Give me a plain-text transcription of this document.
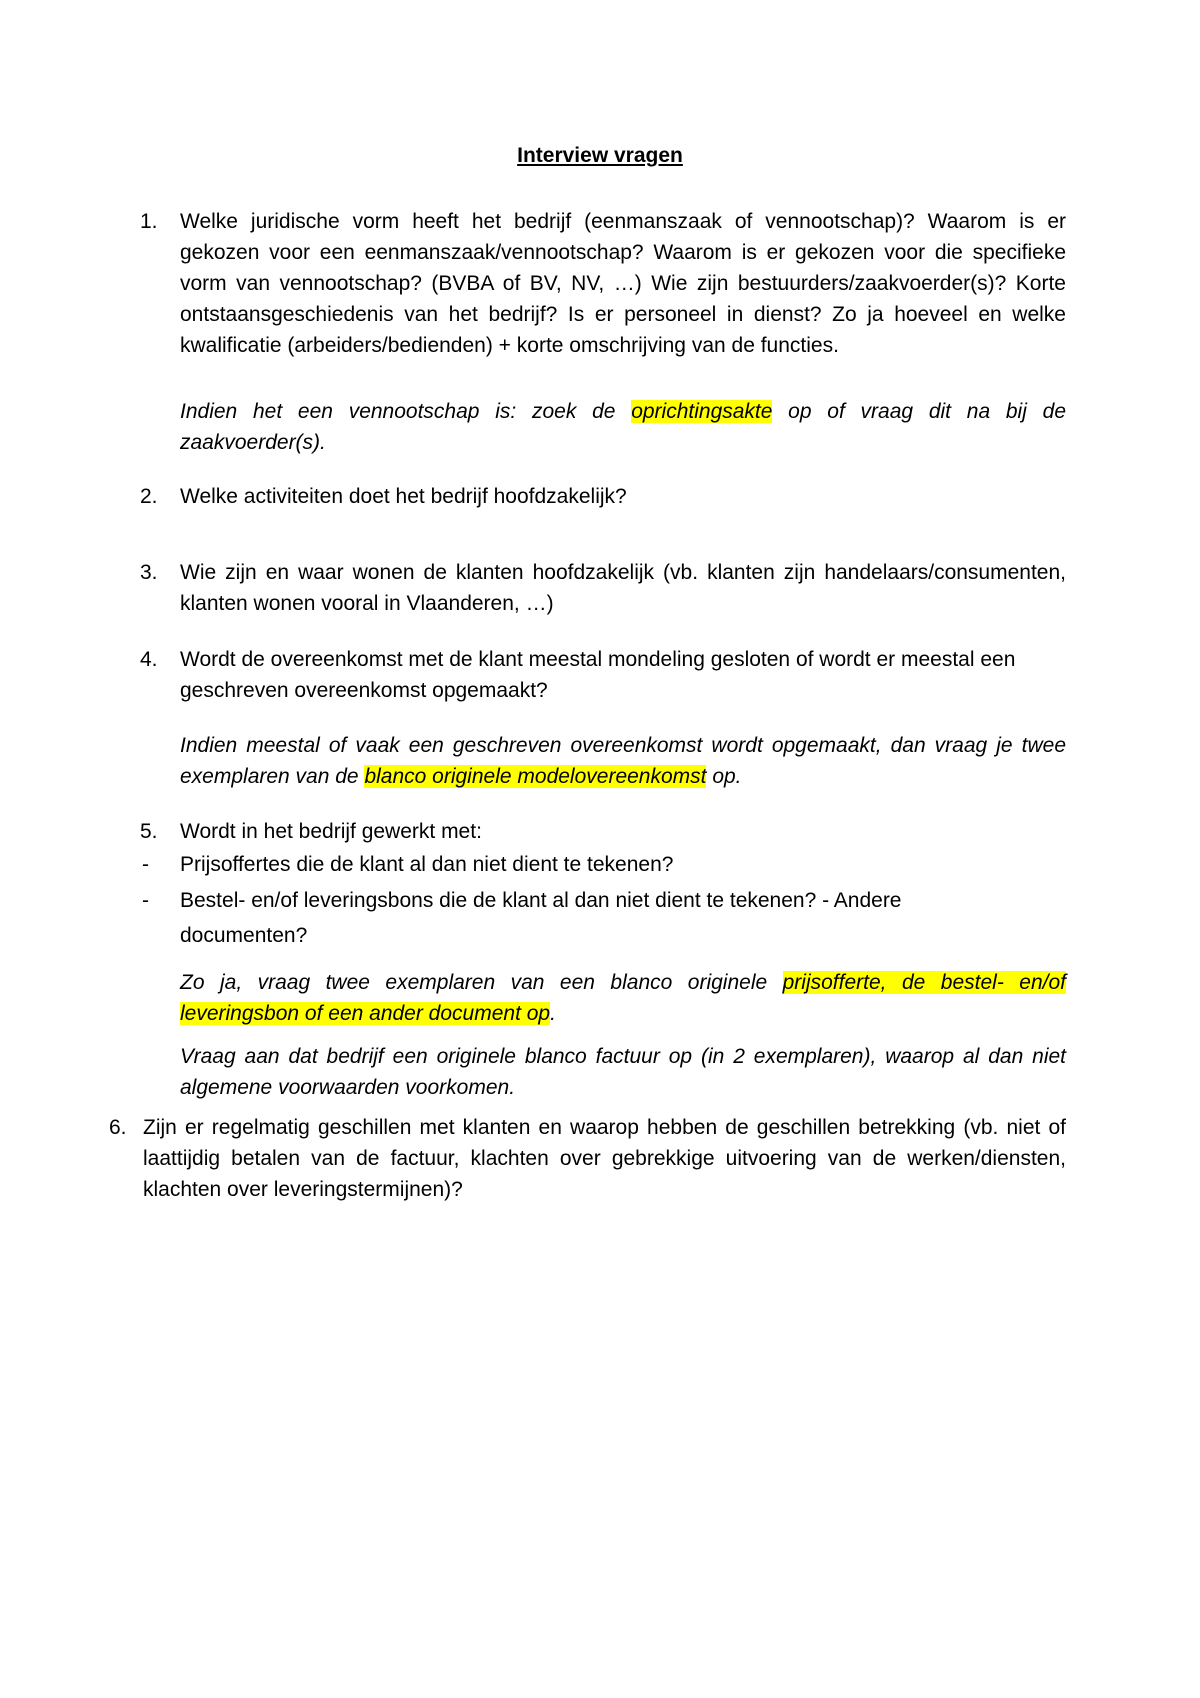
Interview vragen
1. Welke juridische vorm heeft het bedrijf (eenmanszaak of vennootschap)? Waarom is er gekozen voor een eenmanszaak/vennootschap? Waarom is er gekozen voor die specifieke vorm van vennootschap? (BVBA of BV, NV, …) Wie zijn bestuurders/zaakvoerder(s)? Korte ontstaansgeschiedenis van het bedrijf? Is er personeel in dienst? Zo ja hoeveel en welke kwalificatie (arbeiders/bedienden) + korte omschrijving van de functies.
Indien het een vennootschap is: zoek de oprichtingsakte op of vraag dit na bij de zaakvoerder(s).
2. Welke activiteiten doet het bedrijf hoofdzakelijk?
3. Wie zijn en waar wonen de klanten hoofdzakelijk (vb. klanten zijn handelaars/consumenten, klanten wonen vooral in Vlaanderen, …)
4. Wordt de overeenkomst met de klant meestal mondeling gesloten of wordt er meestal een geschreven overeenkomst opgemaakt?
Indien meestal of vaak een geschreven overeenkomst wordt opgemaakt, dan vraag je twee exemplaren van de blanco originele modelovereenkomst op.
5. Wordt in het bedrijf gewerkt met:
- Prijsoffertes die de klant al dan niet dient te tekenen?
- Bestel- en/of leveringsbons die de klant al dan niet dient te tekenen? - Andere documenten?
Zo ja, vraag twee exemplaren van een blanco originele prijsofferte, de bestel- en/of leveringsbon of een ander document op.
Vraag aan dat bedrijf een originele blanco factuur op (in 2 exemplaren), waarop al dan niet algemene voorwaarden voorkomen.
6. Zijn er regelmatig geschillen met klanten en waarop hebben de geschillen betrekking (vb. niet of laattijdig betalen van de factuur, klachten over gebrekkige uitvoering van de werken/diensten, klachten over leveringstermijnen)?
